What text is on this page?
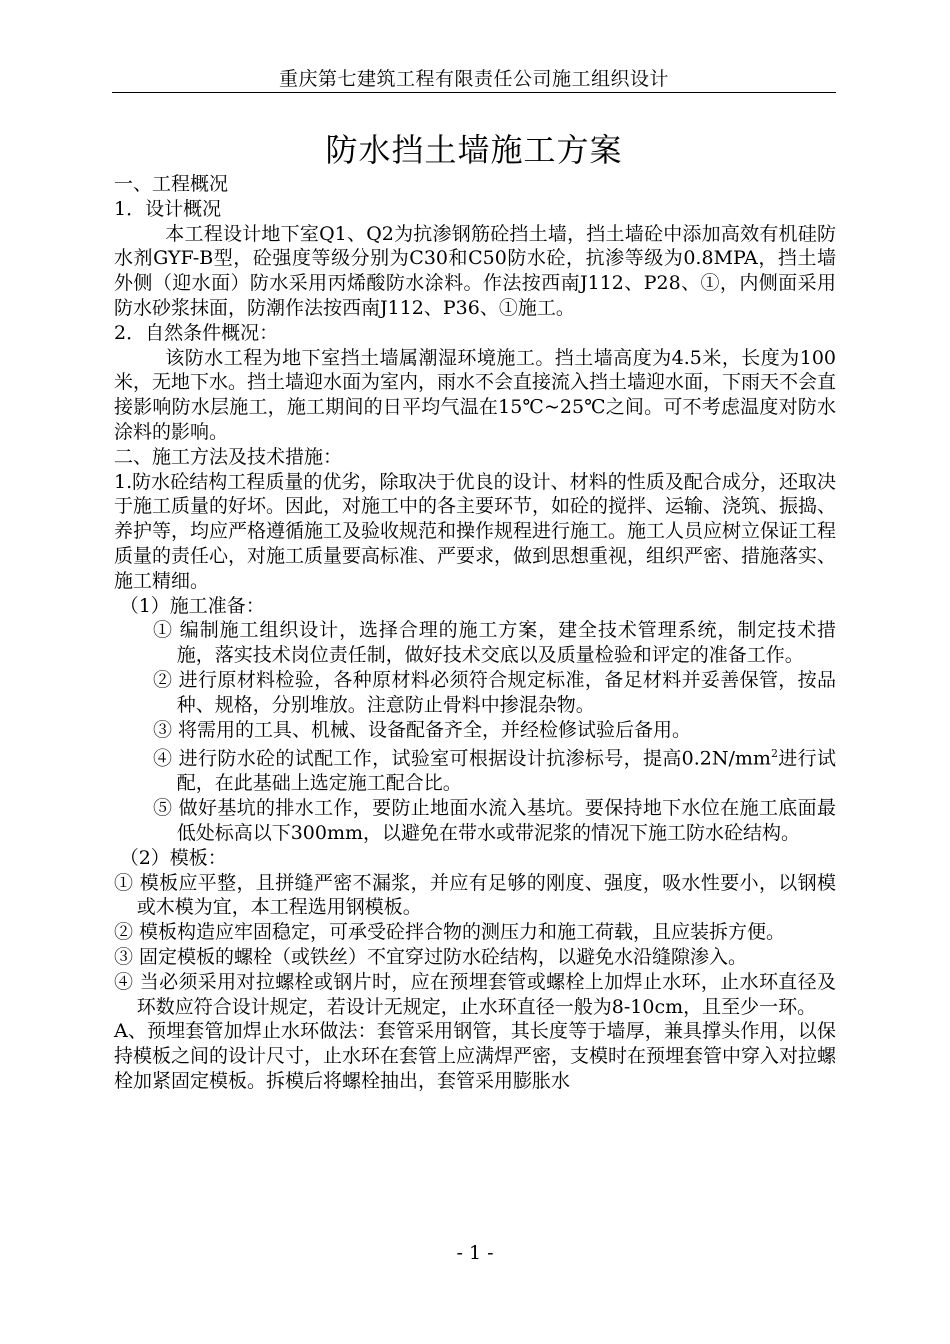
重庆第七建筑工程有限责任公司施工组织设计
防水挡土墙施工方案

一、工程概况

1．设计概况

本工程设计地下室Q1、Q2为抗渗钢筋砼挡土墙，挡土墙砼中添加高效有机硅防水剂GYF-B型，砼强度等级分别为C30和C50防水砼，抗渗等级为0.8MPA，挡土墙外侧（迎水面）防水采用丙烯酸防水涂料。作法按西南J112、P28、①，内侧面采用防水砂浆抹面，防潮作法按西南J112、P36、①施工。

2．自然条件概况：

该防水工程为地下室挡土墙属潮湿环境施工。挡土墙高度为4.5米，长度为100米，无地下水。挡土墙迎水面为室内，雨水不会直接流入挡土墙迎水面，下雨天不会直接影响防水层施工，施工期间的日平均气温在15℃~25℃之间。可不考虑温度对防水涂料的影响。

二、施工方法及技术措施：

1.防水砼结构工程质量的优劣，除取决于优良的设计、材料的性质及配合成分，还取决于施工质量的好坏。因此，对施工中的各主要环节，如砼的搅拌、运输、浇筑、振捣、养护等，均应严格遵循施工及验收规范和操作规程进行施工。施工人员应树立保证工程质量的责任心，对施工质量要高标准、严要求，做到思想重视，组织严密、措施落实、施工精细。

（1）施工准备：

① 编制施工组织设计，选择合理的施工方案，建全技术管理系统，制定技术措施，落实技术岗位责任制，做好技术交底以及质量检验和评定的准备工作。

② 进行原材料检验，各种原材料必须符合规定标准，备足材料并妥善保管，按品种、规格，分别堆放。注意防止骨料中掺混杂物。

③ 将需用的工具、机械、设备配备齐全，并经检修试验后备用。

④ 进行防水砼的试配工作，试验室可根据设计抗渗标号，提高$0.2N/mm^2$进行试配，在此基础上选定施工配合比。

⑤ 做好基坑的排水工作，要防止地面水流入基坑。要保持地下水位在施工底面最低处标高以下300mm，以避免在带水或带泥浆的情况下施工防水砼结构。

（2）模板：

① 模板应平整，且拼缝严密不漏浆，并应有足够的刚度、强度，吸水性要小，以钢模或木模为宜，本工程选用钢模板。

② 模板构造应牢固稳定，可承受砼拌合物的测压力和施工荷载，且应装拆方便。

③ 固定模板的螺栓（或铁丝）不宜穿过防水砼结构，以避免水沿缝隙渗入。

④ 当必须采用对拉螺栓或钢片时，应在预埋套管或螺栓上加焊止水环，止水环直径及环数应符合设计规定，若设计无规定，止水环直径一般为8-10cm，且至少一环。

A、预埋套管加焊止水环做法：套管采用钢管，其长度等于墙厚，兼具撑头作用，以保持模板之间的设计尺寸，止水环在套管上应满焊严密，支模时在预埋套管中穿入对拉螺栓加紧固定模板。拆模后将螺栓抽出，套管采用膨胀水

- 1 -
